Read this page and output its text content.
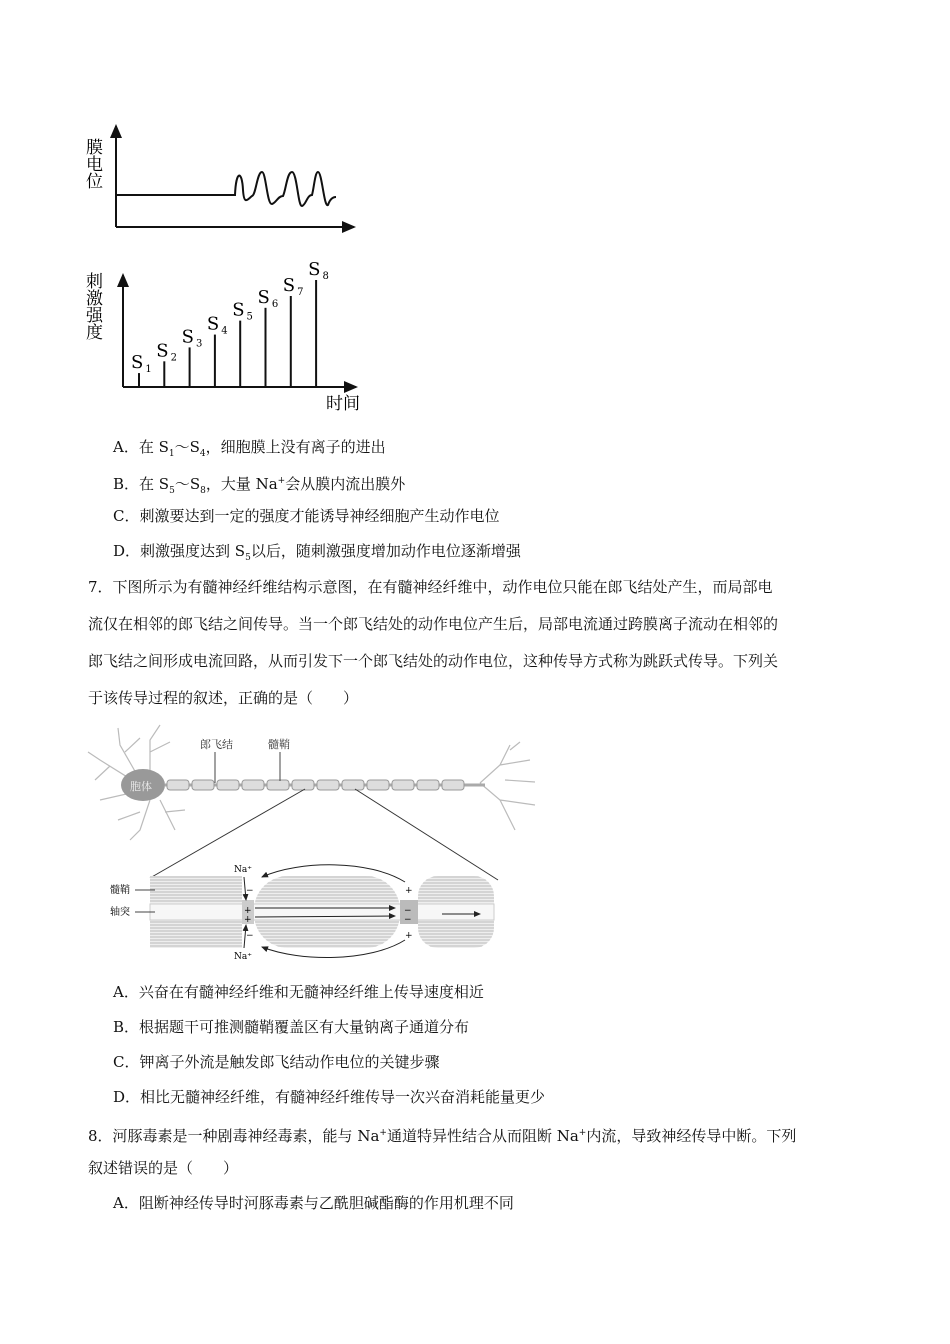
膜电位
刺激强度
时间
S $_1$
S $_2$
S $_3$
S $_4$
S $_5$
S $_6$
S $_7$
S $_8$
A．在 $S_1\sim S_4$，细胞膜上没有离子的进出
B．在 $S_5\sim S_8$，大量 Na+会从膜内流出膜外
C．刺激要达到一定的强度才能诱导神经细胞产生动作电位
D．刺激强度达到 $S_5$以后，随刺激强度增加动作电位逐渐增强
7．下图所示为有髓神经纤维结构示意图，在有髓神经纤维中，动作电位只能在郎飞结处产生，而局部电
流仅在相邻的郎飞结之间传导。当一个郎飞结处的动作电位产生后，局部电流通过跨膜离子流动在相邻的
郎飞结之间形成电流回路，从而引发下一个郎飞结处的动作电位，这种传导方式称为跳跃式传导。下列关
于该传导过程的叙述，正确的是（　　）
胞体
郎飞结	髓鞘
Na⁺
Na⁺
髓鞘
轴突	+
+
−
−
−
−
+
+
A．兴奋在有髓神经纤维和无髓神经纤维上传导速度相近
B．根据题干可推测髓鞘覆盖区有大量钠离子通道分布
C．钾离子外流是触发郎飞结动作电位的关键步骤
D．相比无髓神经纤维，有髓神经纤维传导一次兴奋消耗能量更少
8．河豚毒素是一种剧毒神经毒素，能与 Na+通道特异性结合从而阻断 Na+内流，导致神经传导中断。下列
叙述错误的是（　　）
A．阻断神经传导时河豚毒素与乙酰胆碱酯酶的作用机理不同
